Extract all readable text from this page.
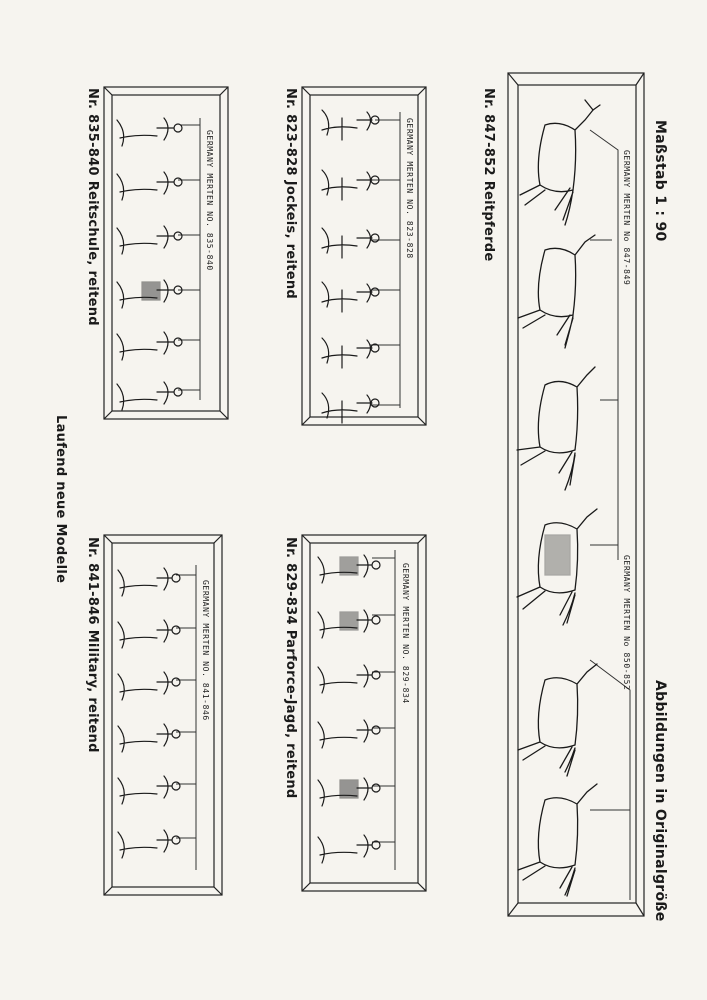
Maßstab 1 : 90
Abbildungen in Originalgröße
Nr. 847-852 Reitpferde
Nr. 823-828 Jockeis, reitend
Nr. 835-840 Reitschule, reitend
Nr. 829-834 Parforce-Jagd, reitend
Nr. 841-846 Military, reitend
Laufend neue Modelle
GERMANY MERTEN No 847-849
GERMANY MERTEN No 850-852
GERMANY MERTEN NO. 823-828
GERMANY MERTEN NO. 835-840
GERMANY MERTEN NO. 829-834
GERMANY MERTEN NO. 841-846
